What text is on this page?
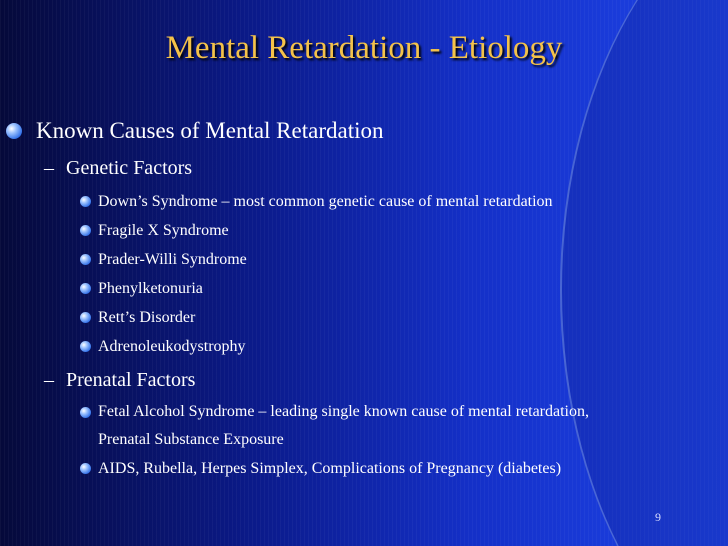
Mental Retardation - Etiology
Known Causes of Mental Retardation
– Genetic Factors
Down’s Syndrome – most common genetic cause of mental retardation
Fragile X Syndrome
Prader-Willi Syndrome
Phenylketonuria
Rett’s Disorder
Adrenoleukodystrophy
– Prenatal Factors
Fetal Alcohol Syndrome – leading single known cause of mental retardation, Prenatal Substance Exposure
AIDS, Rubella, Herpes Simplex, Complications of Pregnancy (diabetes)
9
